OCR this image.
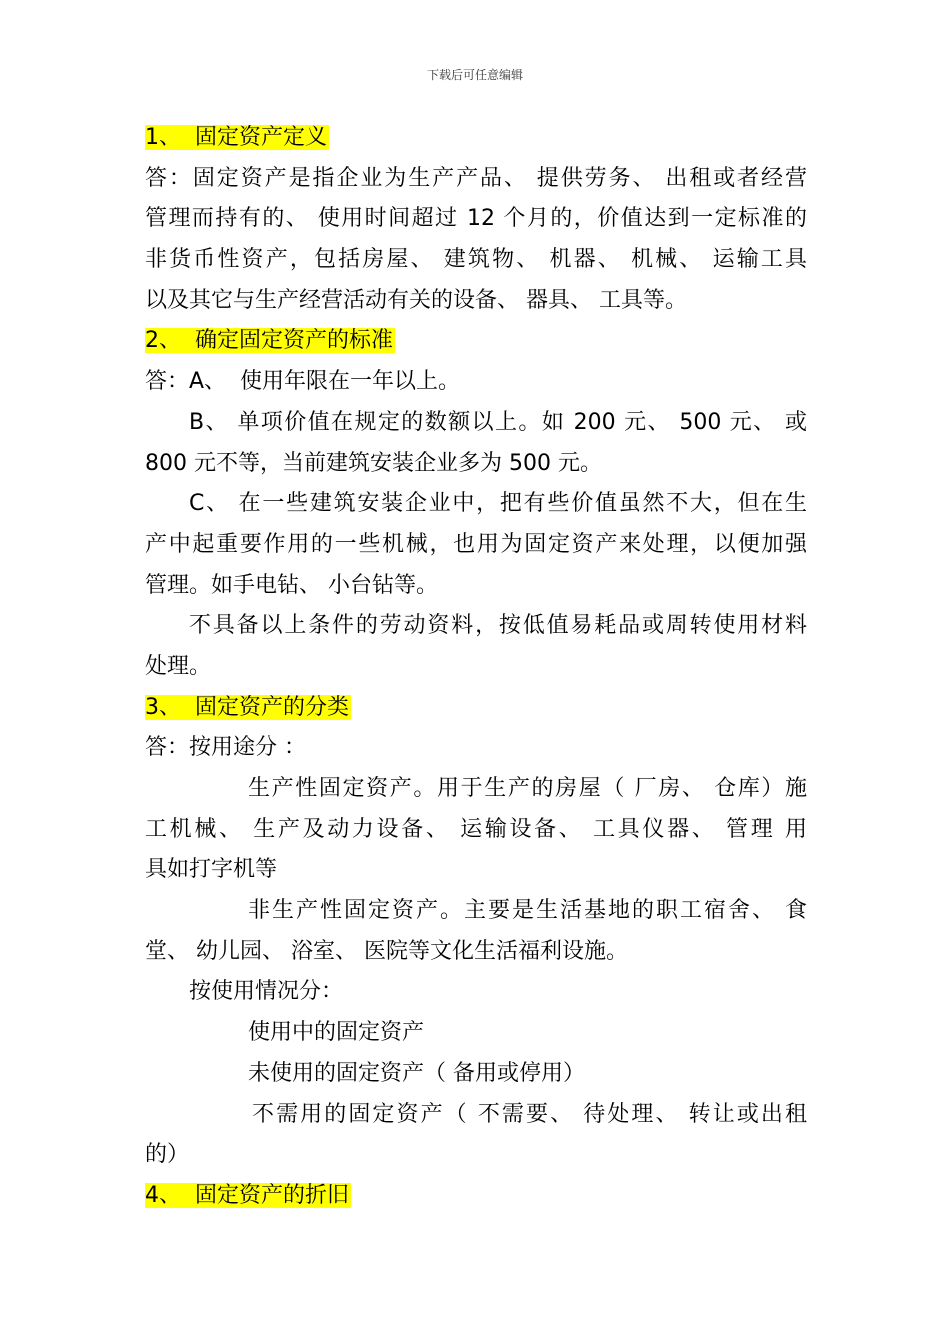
下载后可任意编辑
1、  固定资产定义
答：固定资产是指企业为生产产品、 提供劳务、 出租或者经营
管理而持有的、 使用时间超过 12 个月的，价值达到一定标准的
非货币性资产，包括房屋、 建筑物、 机器、 机械、 运输工具
以及其它与生产经营活动有关的设备、 器具、 工具等。
2、  确定固定资产的标准
答：A、  使用年限在一年以上。
B、 单项价值在规定的数额以上。如 200 元、 500 元、 或
800 元不等，当前建筑安装企业多为 500 元。
C、 在一些建筑安装企业中，把有些价值虽然不大，但在生
产中起重要作用的一些机械，也用为固定资产来处理，以便加强
管理。如手电钻、 小台钻等。
不具备以上条件的劳动资料，按低值易耗品或周转使用材料
处理。
3、  固定资产的分类
答：按用途分 ：
生产性固定资产。用于生产的房屋（ 厂房、 仓库）施
工机械、 生产及动力设备、 运输设备、 工具仪器、 管理 用
具如打字机等
非生产性固定资产。主要是生活基地的职工宿舍、 食
堂、 幼儿园、 浴室、 医院等文化生活福利设施。
按使用情况分：
使用中的固定资产
未使用的固定资产（ 备用或停用）
不需用的固定资产（ 不需要、 待处理、 转让或出租
的）
4、  固定资产的折旧
